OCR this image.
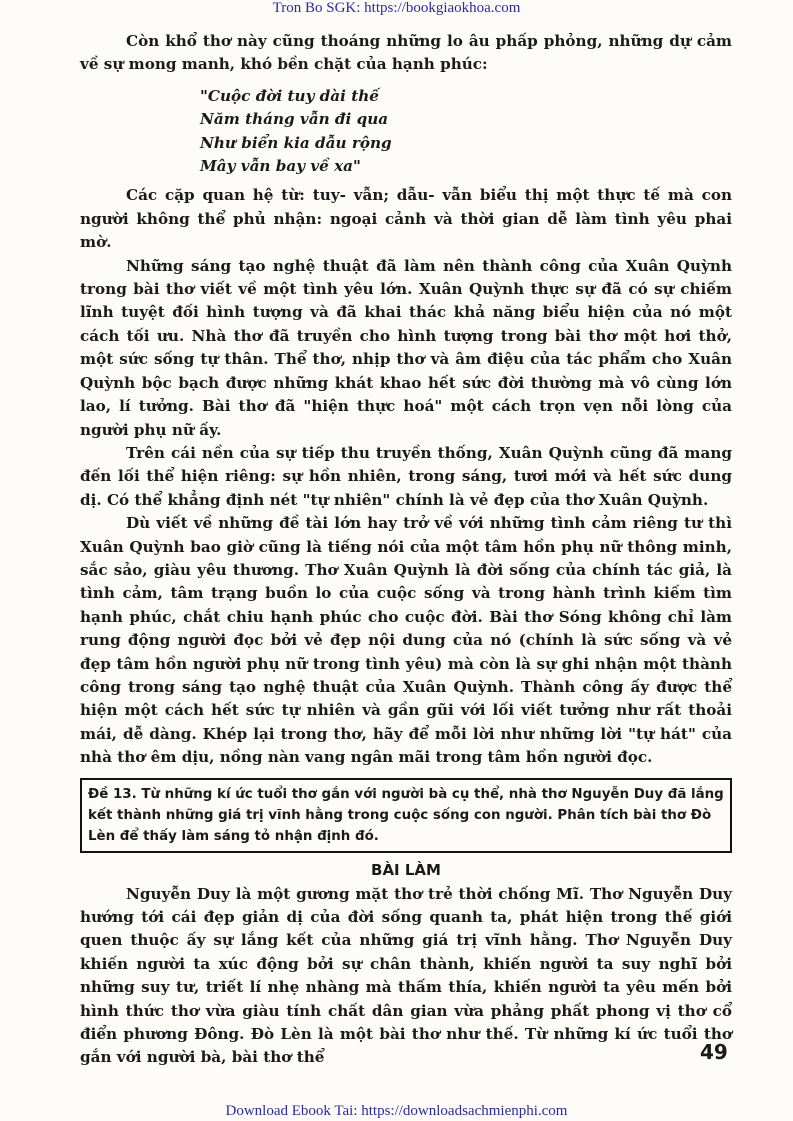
Tron Bo SGK: https://bookgiaokhoa.com

Còn khổ thơ này cũng thoáng những lo âu phấp phỏng, những dự cảm về sự mong manh, khó bền chặt của hạnh phúc:

"Cuộc đời tuy dài thế
Năm tháng vẫn đi qua
Như biển kia dẫu rộng
Mây vẫn bay về xa"

Các cặp quan hệ từ: tuy- vẫn; dẫu- vẫn biểu thị một thực tế mà con người không thể phủ nhận: ngoại cảnh và thời gian dễ làm tình yêu phai mờ.

Những sáng tạo nghệ thuật đã làm nên thành công của Xuân Quỳnh trong bài thơ viết về một tình yêu lớn. Xuân Quỳnh thực sự đã có sự chiếm lĩnh tuyệt đối hình tượng và đã khai thác khả năng biểu hiện của nó một cách tối ưu. Nhà thơ đã truyền cho hình tượng trong bài thơ một hơi thở, một sức sống tự thân. Thể thơ, nhịp thơ và âm điệu của tác phẩm cho Xuân Quỳnh bộc bạch được những khát khao hết sức đời thường mà vô cùng lớn lao, lí tưởng. Bài thơ đã "hiện thực hoá" một cách trọn vẹn nỗi lòng của người phụ nữ ấy.

Trên cái nền của sự tiếp thu truyền thống, Xuân Quỳnh cũng đã mang đến lối thể hiện riêng: sự hồn nhiên, trong sáng, tươi mới và hết sức dung dị. Có thể khẳng định nét "tự nhiên" chính là vẻ đẹp của thơ Xuân Quỳnh.

Dù viết về những đề tài lớn hay trở về với những tình cảm riêng tư thì Xuân Quỳnh bao giờ cũng là tiếng nói của một tâm hồn phụ nữ thông minh, sắc sảo, giàu yêu thương. Thơ Xuân Quỳnh là đời sống của chính tác giả, là tình cảm, tâm trạng buồn lo của cuộc sống và trong hành trình kiếm tìm hạnh phúc, chắt chiu hạnh phúc cho cuộc đời. Bài thơ Sóng không chỉ làm rung động người đọc bởi vẻ đẹp nội dung của nó (chính là sức sống và vẻ đẹp tâm hồn người phụ nữ trong tình yêu) mà còn là sự ghi nhận một thành công trong sáng tạo nghệ thuật của Xuân Quỳnh. Thành công ấy được thể hiện một cách hết sức tự nhiên và gần gũi với lối viết tưởng như rất thoải mái, dễ dàng. Khép lại trong thơ, hãy để mỗi lời như những lời "tự hát" của nhà thơ êm dịu, nồng nàn vang ngân mãi trong tâm hồn người đọc.

Đề 13. Từ những kí ức tuổi thơ gắn với người bà cụ thể, nhà thơ Nguyễn Duy đã lắng kết thành những giá trị vĩnh hằng trong cuộc sống con người. Phân tích bài thơ Đò Lèn để thấy làm sáng tỏ nhận định đó.
BÀI LÀM

Nguyễn Duy là một gương mặt thơ trẻ thời chống Mĩ. Thơ Nguyễn Duy hướng tới cái đẹp giản dị của đời sống quanh ta, phát hiện trong thế giới quen thuộc ấy sự lắng kết của những giá trị vĩnh hằng. Thơ Nguyễn Duy khiến người ta xúc động bởi sự chân thành, khiến người ta suy nghĩ bởi những suy tư, triết lí nhẹ nhàng mà thấm thía, khiến người ta yêu mến bởi hình thức thơ vừa giàu tính chất dân gian vừa phảng phất phong vị thơ cổ điển phương Đông. Đò Lèn là một bài thơ như thế. Từ những kí ức tuổi thơ gắn với người bà, bài thơ thể	49
Download Ebook Tai: https://downloadsachmienphi.com
